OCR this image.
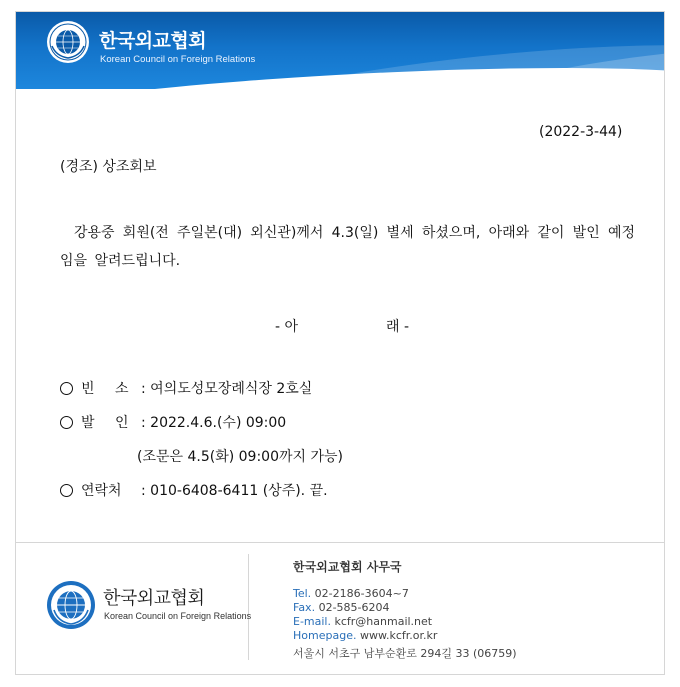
한국외교협회
Korean Council on Foreign Relations
(2022-3-44)
(경조) 상조회보
강용중 회원(전 주일본(대) 외신관)께서 4.3(일) 별세 하셨으며, 아래와 같이 발인 예정임을 알려드립니다.
- 아	래 -
빈 소 : 여의도성모장례식장 2호실
발 인 : 2022.4.6.(수) 09:00
(조문은 4.5(화) 09:00까지 가능)
연락처 : 010-6408-6411 (상주). 끝.
한국외교협회
Korean Council on Foreign Relations
한국외교협회 사무국
Tel. 02-2186-3604~7
Fax. 02-585-6204
E-mail. kcfr@hanmail.net
Homepage. www.kcfr.or.kr
서울시 서초구 남부순환로 294길 33 (06759)
